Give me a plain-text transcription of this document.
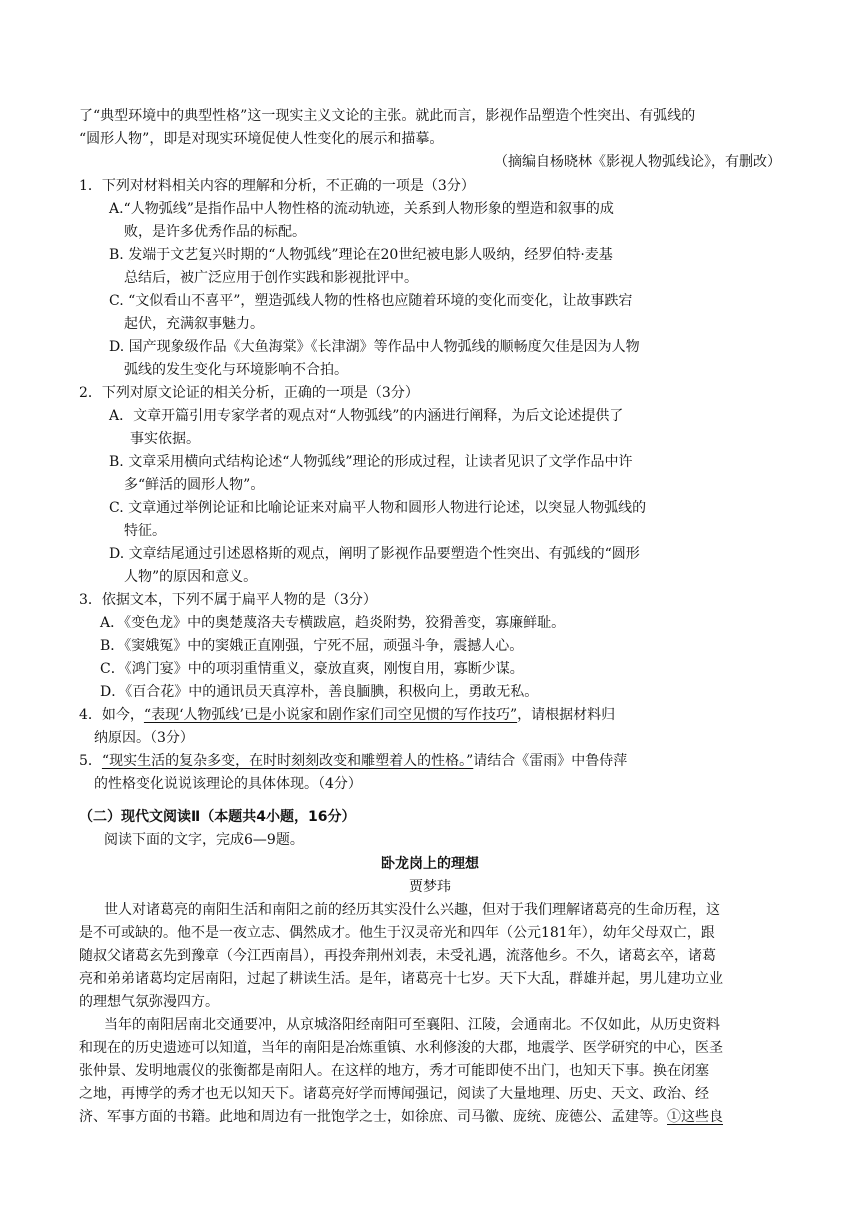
了“典型环境中的典型性格”这一现实主义文论的主张。就此而言，影视作品塑造个性突出、有弧线的
“圆形人物”，即是对现实环境促使人性变化的展示和描摹。
（摘编自杨晓林《影视人物弧线论》，有删改）
1．下列对材料相关内容的理解和分析，不正确的一项是（3分）
A.“人物弧线”是指作品中人物性格的流动轨迹，关系到人物形象的塑造和叙事的成
败，是许多优秀作品的标配。
B. 发端于文艺复兴时期的“人物弧线”理论在20世纪被电影人吸纳，经罗伯特·麦基
总结后，被广泛应用于创作实践和影视批评中。
C. “文似看山不喜平”，塑造弧线人物的性格也应随着环境的变化而变化，让故事跌宕
起伏，充满叙事魅力。
D. 国产现象级作品《大鱼海棠》《长津湖》等作品中人物弧线的顺畅度欠佳是因为人物
弧线的发生变化与环境影响不合拍。
2．下列对原文论证的相关分析，正确的一项是（3分）
A．文章开篇引用专家学者的观点对“人物弧线”的内涵进行阐释，为后文论述提供了
事实依据。
B. 文章采用横向式结构论述“人物弧线”理论的形成过程，让读者见识了文学作品中许
多“鲜活的圆形人物”。
C. 文章通过举例论证和比喻论证来对扁平人物和圆形人物进行论述，以突显人物弧线的
特征。
D. 文章结尾通过引述恩格斯的观点，阐明了影视作品要塑造个性突出、有弧线的“圆形
人物”的原因和意义。
3．依据文本，下列不属于扁平人物的是（3分）
A．《变色龙》中的奥楚蔑洛夫专横跋扈，趋炎附势，狡猾善变，寡廉鲜耻。
B．《窦娥冤》中的窦娥正直刚强，宁死不屈，顽强斗争，震撼人心。
C．《鸿门宴》中的项羽重情重义，豪放直爽，刚愎自用，寡断少谋。
D．《百合花》中的通讯员天真淳朴，善良腼腆，积极向上，勇敢无私。
4．如今，“表现‘人物弧线’已是小说家和剧作家们司空见惯的写作技巧”，请根据材料归
纳原因。（3分）
5．“现实生活的复杂多变，在时时刻刻改变和雕塑着人的性格。”请结合《雷雨》中鲁侍萍
的性格变化说说该理论的具体体现。（4分）
（二）现代文阅读Ⅱ（本题共4小题，16分）
阅读下面的文字，完成6—9题。
卧龙岗上的理想
贾梦玮
世人对诸葛亮的南阳生活和南阳之前的经历其实没什么兴趣，但对于我们理解诸葛亮的生命历程，这
是不可或缺的。他不是一夜立志、偶然成才。他生于汉灵帝光和四年（公元181年），幼年父母双亡，跟
随叔父诸葛玄先到豫章（今江西南昌），再投奔荆州刘表，未受礼遇，流落他乡。不久，诸葛玄卒，诸葛
亮和弟弟诸葛均定居南阳，过起了耕读生活。是年，诸葛亮十七岁。天下大乱，群雄并起，男儿建功立业
的理想气氛弥漫四方。
当年的南阳居南北交通要冲，从京城洛阳经南阳可至襄阳、江陵，会通南北。不仅如此，从历史资料
和现在的历史遗迹可以知道，当年的南阳是冶炼重镇、水利修浚的大郡，地震学、医学研究的中心，医圣
张仲景、发明地震仪的张衡都是南阳人。在这样的地方，秀才可能即使不出门，也知天下事。换在闭塞
之地，再博学的秀才也无以知天下。诸葛亮好学而博闻强记，阅读了大量地理、历史、天文、政治、经
济、军事方面的书籍。此地和周边有一批饱学之士，如徐庶、司马徽、庞统、庞德公、孟建等。①这些良
